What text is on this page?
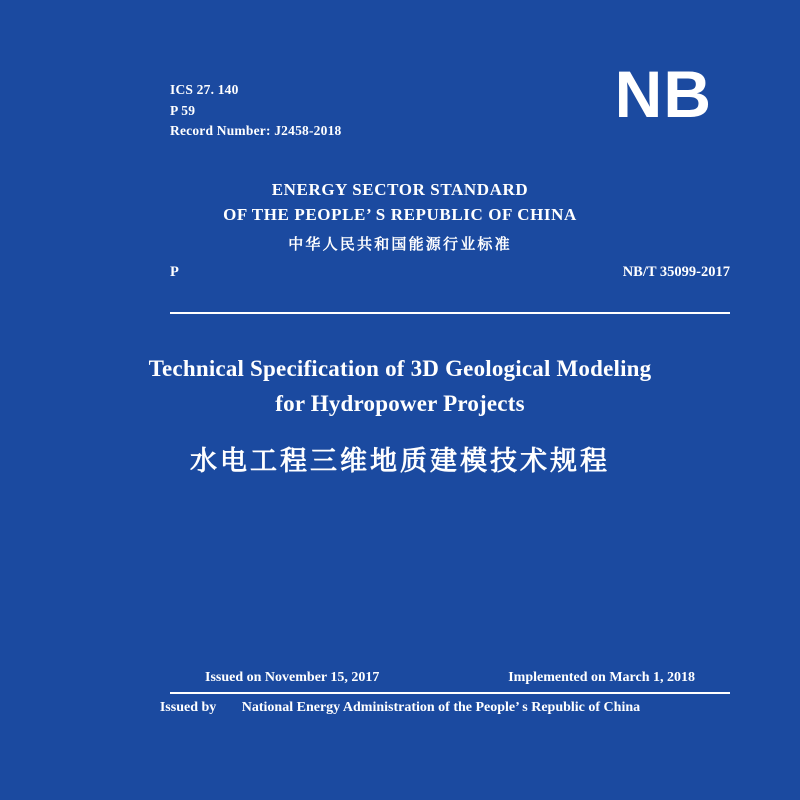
ICS 27. 140
P 59
Record Number: J2458-2018	NB
ENERGY SECTOR STANDARD
OF THE PEOPLE’ S REPUBLIC OF CHINA
中华人民共和国能源行业标准
P	NB/T 35099-2017
Technical Specification of 3D Geological Modeling
for Hydropower Projects
水电工程三维地质建模技术规程
Issued on November 15, 2017	Implemented on March 1, 2018
Issued by National Energy Administration of the People’ s Republic of China
